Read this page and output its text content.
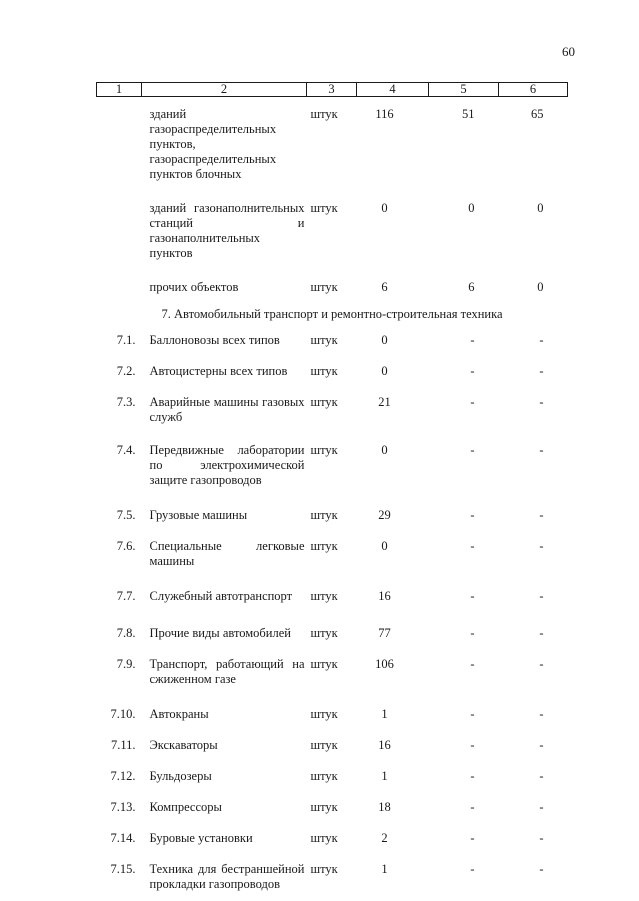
60
1	2	3	4	5	6

	зданий газораспределительных пунктов, газораспределительных пунктов блочных	штук	116	51	65
	зданий газонаполнительных станций и газонаполнительных пунктов	штук	0	0	0
	прочих объектов	штук	6	6	0
7. Автомобильный транспорт и ремонтно-строительная техника					
7.1.	Баллоновозы всех типов	штук	0	-	-
7.2.	Автоцистерны всех типов	штук	0	-	-
7.3.	Аварийные машины газовых служб	штук	21	-	-
7.4.	Передвижные лаборатории по электрохимической защите газопроводов	штук	0	-	-
7.5.	Грузовые машины	штук	29	-	-
7.6.	Специальные легковые машины	штук	0	-	-
7.7.	Служебный автотранспорт	штук	16	-	-
7.8.	Прочие виды автомобилей	штук	77	-	-
7.9.	Транспорт, работающий на сжиженном газе	штук	106	-	-
7.10.	Автокраны	штук	1	-	-
7.11.	Экскаваторы	штук	16	-	-
7.12.	Бульдозеры	штук	1	-	-
7.13.	Компрессоры	штук	18	-	-
7.14.	Буровые установки	штук	2	-	-
7.15.	Техника для бестраншейной прокладки газопроводов	штук	1	-	-
